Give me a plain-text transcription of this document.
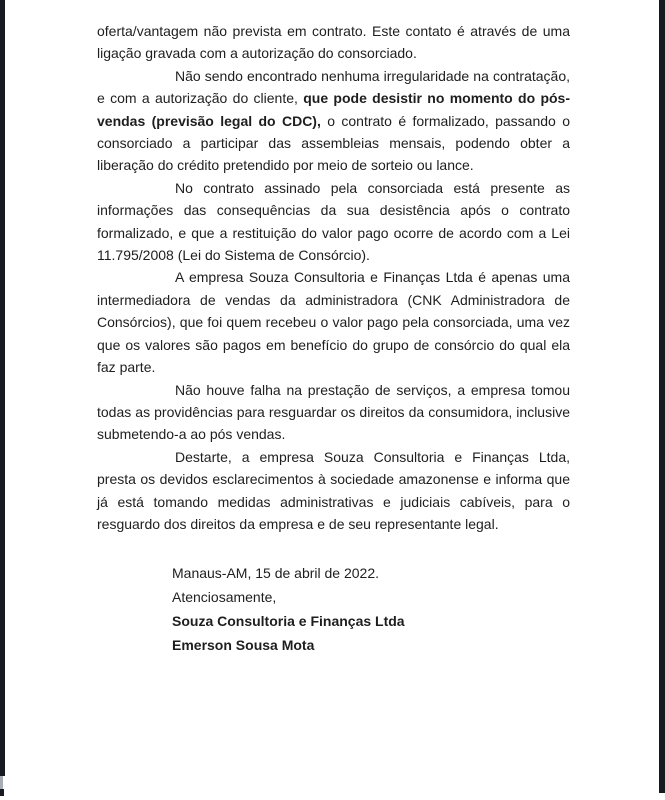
oferta/vantagem não prevista em contrato. Este contato é através de uma ligação gravada com a autorização do consorciado.

Não sendo encontrado nenhuma irregularidade na contratação, e com a autorização do cliente, que pode desistir no momento do pós-vendas (previsão legal do CDC), o contrato é formalizado, passando o consorciado a participar das assembleias mensais, podendo obter a liberação do crédito pretendido por meio de sorteio ou lance.

No contrato assinado pela consorciada está presente as informações das consequências da sua desistência após o contrato formalizado, e que a restituição do valor pago ocorre de acordo com a Lei 11.795/2008 (Lei do Sistema de Consórcio).

A empresa Souza Consultoria e Finanças Ltda é apenas uma intermediadora de vendas da administradora (CNK Administradora de Consórcios), que foi quem recebeu o valor pago pela consorciada, uma vez que os valores são pagos em benefício do grupo de consórcio do qual ela faz parte.

Não houve falha na prestação de serviços, a empresa tomou todas as providências para resguardar os direitos da consumidora, inclusive submetendo-a ao pós vendas.

Destarte, a empresa Souza Consultoria e Finanças Ltda, presta os devidos esclarecimentos à sociedade amazonense e informa que já está tomando medidas administrativas e judiciais cabíveis, para o resguardo dos direitos da empresa e de seu representante legal.

Manaus-AM, 15 de abril de 2022.

Atenciosamente,

Souza Consultoria e Finanças Ltda

Emerson Sousa Mota
